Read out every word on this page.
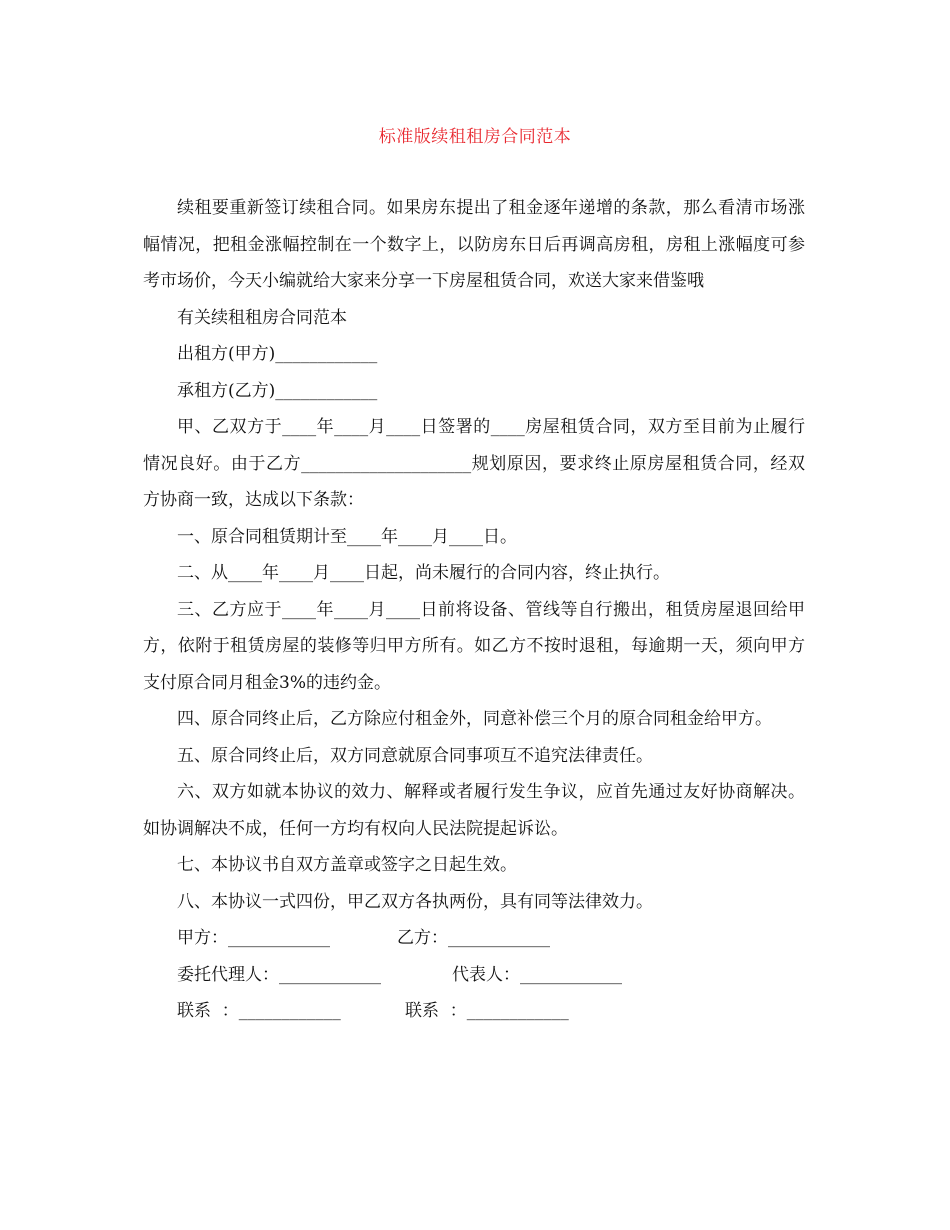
标准版续租租房合同范本

续租要重新签订续租合同。如果房东提出了租金逐年递增的条款，那么看清市场涨幅情况，把租金涨幅控制在一个数字上，以防房东日后再调高房租，房租上涨幅度可参考市场价，今天小编就给大家来分享一下房屋租赁合同，欢送大家来借鉴哦

有关续租租房合同范本

出租方(甲方)____________

承租方(乙方)____________

甲、乙双方于____年____月____日签署的____房屋租赁合同，双方至目前为止履行情况良好。由于乙方____________________规划原因，要求终止原房屋租赁合同，经双方协商一致，达成以下条款：

一、原合同租赁期计至____年____月____日。

二、从____年____月____日起，尚未履行的合同内容，终止执行。

三、乙方应于____年____月____日前将设备、管线等自行搬出，租赁房屋退回给甲方，依附于租赁房屋的装修等归甲方所有。如乙方不按时退租，每逾期一天，须向甲方支付原合同月租金3%的违约金。

四、原合同终止后，乙方除应付租金外，同意补偿三个月的原合同租金给甲方。

五、原合同终止后，双方同意就原合同事项互不追究法律责任。

六、双方如就本协议的效力、解释或者履行发生争议，应首先通过友好协商解决。如协调解决不成，任何一方均有权向人民法院提起诉讼。

七、本协议书自双方盖章或签字之日起生效。

八、本协议一式四份，甲乙双方各执两份，具有同等法律效力。

甲方：____________	乙方：____________
委托代理人：____________	代表人：____________
联系  ：____________	联系  ：____________
